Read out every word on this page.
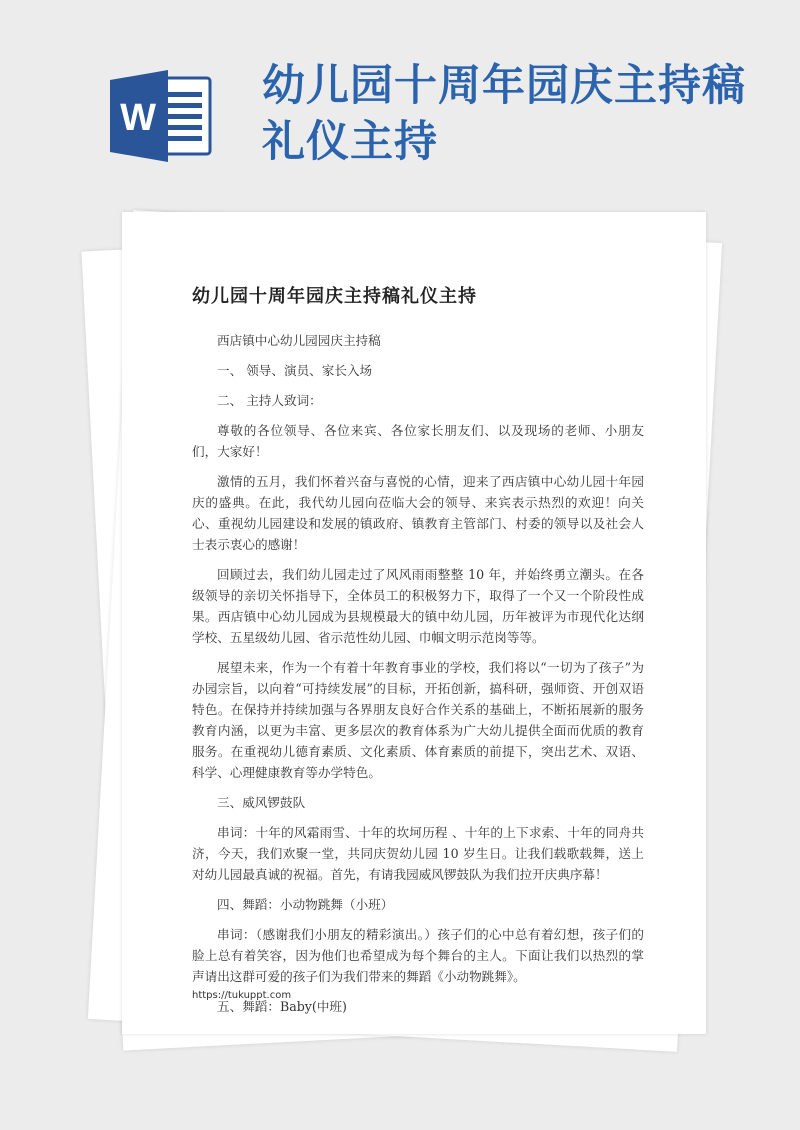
W
幼儿园十周年园庆主持稿礼仪主持
幼儿园十周年园庆主持稿礼仪主持

西店镇中心幼儿园园庆主持稿

一、 领导、演员、家长入场

二、 主持人致词：

尊敬的各位领导、各位来宾、各位家长朋友们、以及现场的老师、小朋友们，大家好！

激情的五月，我们怀着兴奋与喜悦的心情，迎来了西店镇中心幼儿园十年园庆的盛典。在此，我代幼儿园向莅临大会的领导、来宾表示热烈的欢迎！向关心、重视幼儿园建设和发展的镇政府、镇教育主管部门、村委的领导以及社会人士表示衷心的感谢！

回顾过去，我们幼儿园走过了风风雨雨整整 10 年，并始终勇立潮头。在各级领导的亲切关怀指导下，全体员工的积极努力下，取得了一个又一个阶段性成果。西店镇中心幼儿园成为县规模最大的镇中幼儿园，历年被评为市现代化达纲学校、五星级幼儿园、省示范性幼儿园、巾帼文明示范岗等等。

展望未来，作为一个有着十年教育事业的学校，我们将以“一切为了孩子”为办园宗旨，以向着“可持续发展”的目标，开拓创新，搞科研，强师资、开创双语特色。在保持并持续加强与各界朋友良好合作关系的基础上，不断拓展新的服务教育内涵，以更为丰富、更多层次的教育体系为广大幼儿提供全面而优质的教育服务。在重视幼儿德育素质、文化素质、体育素质的前提下，突出艺术、双语、科学、心理健康教育等办学特色。

三、威风锣鼓队

串词：十年的风霜雨雪、十年的坎坷历程 、十年的上下求索、十年的同舟共济，今天，我们欢聚一堂，共同庆贺幼儿园 10 岁生日。让我们载歌载舞，送上对幼儿园最真诚的祝福。首先，有请我园威风锣鼓队为我们拉开庆典序幕！

四、舞蹈：小动物跳舞（小班）

串词：（感谢我们小朋友的精彩演出。）孩子们的心中总有着幻想，孩子们的脸上总有着笑容，因为他们也希望成为每个舞台的主人。下面让我们以热烈的掌声请出这群可爱的孩子们为我们带来的舞蹈《小动物跳舞》。

五、舞蹈：Baby(中班)

https://tukuppt.com
